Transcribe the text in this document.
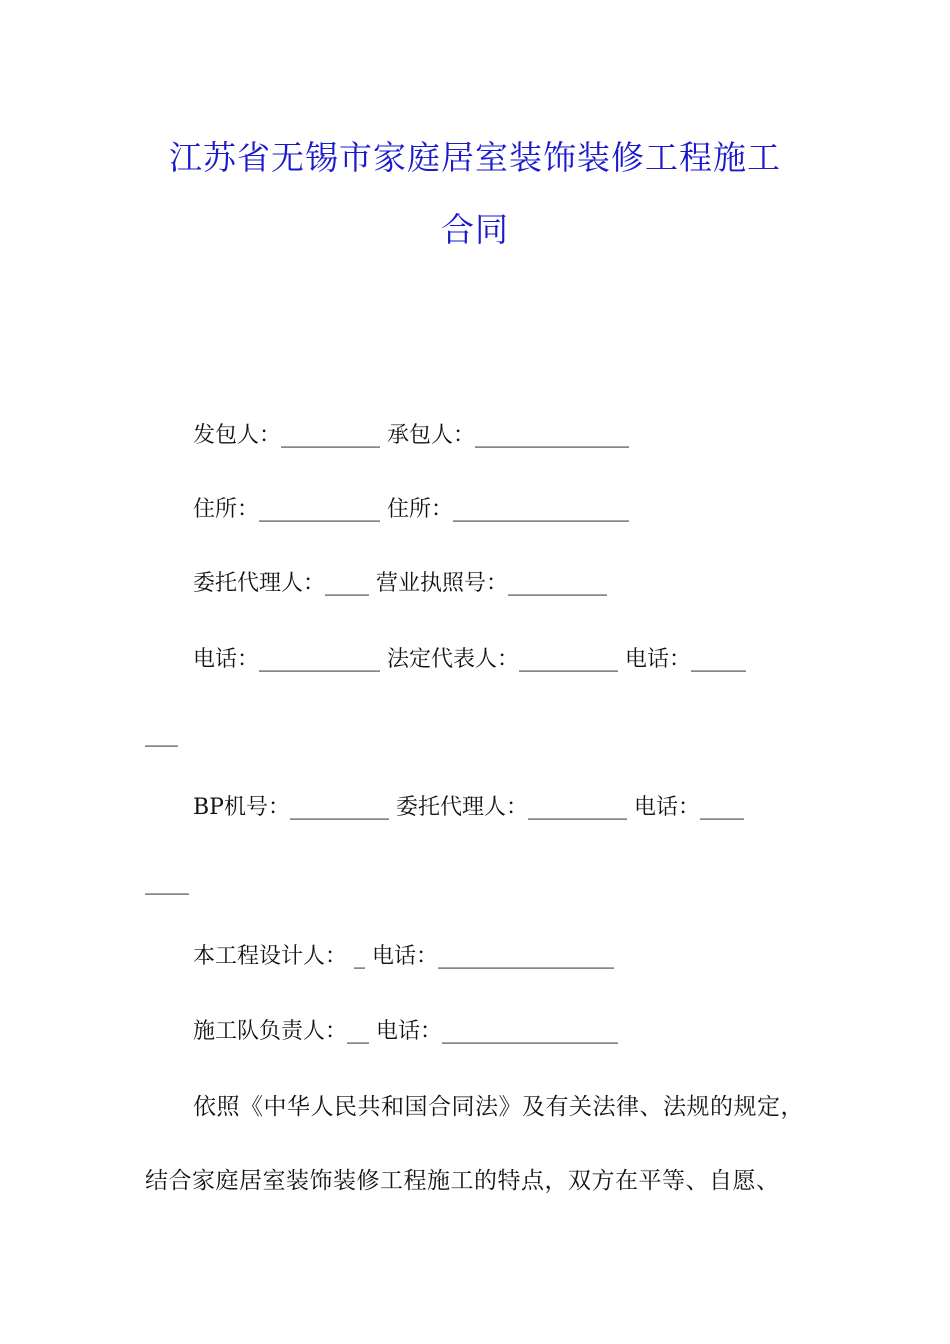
江苏省无锡市家庭居室装饰装修工程施工
合同
发包人：_________ 承包人：______________
住所：___________ 住所：________________
委托代理人：____ 营业执照号：_________
电话：___________ 法定代表人：_________ 电话：_____
___
BP机号：_________ 委托代理人：_________ 电话：____
____
本工程设计人： _ 电话：________________
施工队负责人：__ 电话：________________
依照《中华人民共和国合同法》及有关法律、法规的规定，
结合家庭居室装饰装修工程施工的特点，双方在平等、自愿、
